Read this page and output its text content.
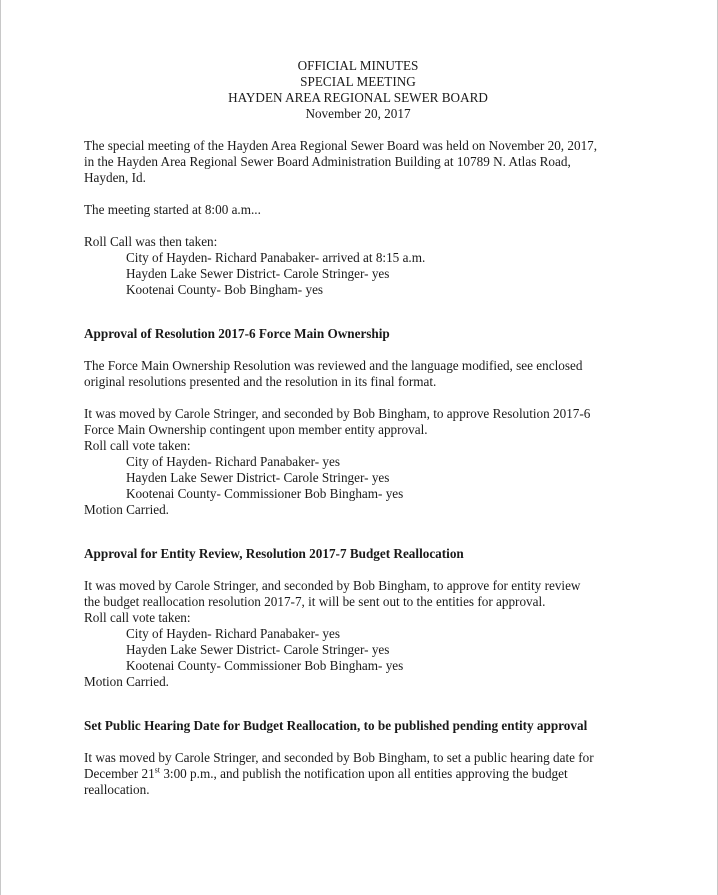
OFFICIAL MINUTES
SPECIAL MEETING
HAYDEN AREA REGIONAL SEWER BOARD
November 20, 2017

The special meeting of the Hayden Area Regional Sewer Board was held on November 20, 2017,

in the Hayden Area Regional Sewer Board Administration Building at 10789 N. Atlas Road,

Hayden, Id.

The meeting started at 8:00 a.m...

Roll Call was then taken:

City of Hayden- Richard Panabaker- arrived at 8:15 a.m.

Hayden Lake Sewer District- Carole Stringer- yes

Kootenai County- Bob Bingham- yes

Approval of Resolution 2017-6 Force Main Ownership

The Force Main Ownership Resolution was reviewed and the language modified, see enclosed

original resolutions presented and the resolution in its final format.

It was moved by Carole Stringer, and seconded by Bob Bingham, to approve Resolution 2017-6

Force Main Ownership contingent upon member entity approval.

Roll call vote taken:

City of Hayden- Richard Panabaker- yes

Hayden Lake Sewer District- Carole Stringer- yes

Kootenai County- Commissioner Bob Bingham- yes

Motion Carried.

Approval for Entity Review, Resolution 2017-7 Budget Reallocation

It was moved by Carole Stringer, and seconded by Bob Bingham, to approve for entity review

the budget reallocation resolution 2017-7, it will be sent out to the entities for approval.

Roll call vote taken:

City of Hayden- Richard Panabaker- yes

Hayden Lake Sewer District- Carole Stringer- yes

Kootenai County- Commissioner Bob Bingham- yes

Motion Carried.

Set Public Hearing Date for Budget Reallocation, to be published pending entity approval

It was moved by Carole Stringer, and seconded by Bob Bingham, to set a public hearing date for

December 21st 3:00 p.m., and publish the notification upon all entities approving the budget

reallocation.
